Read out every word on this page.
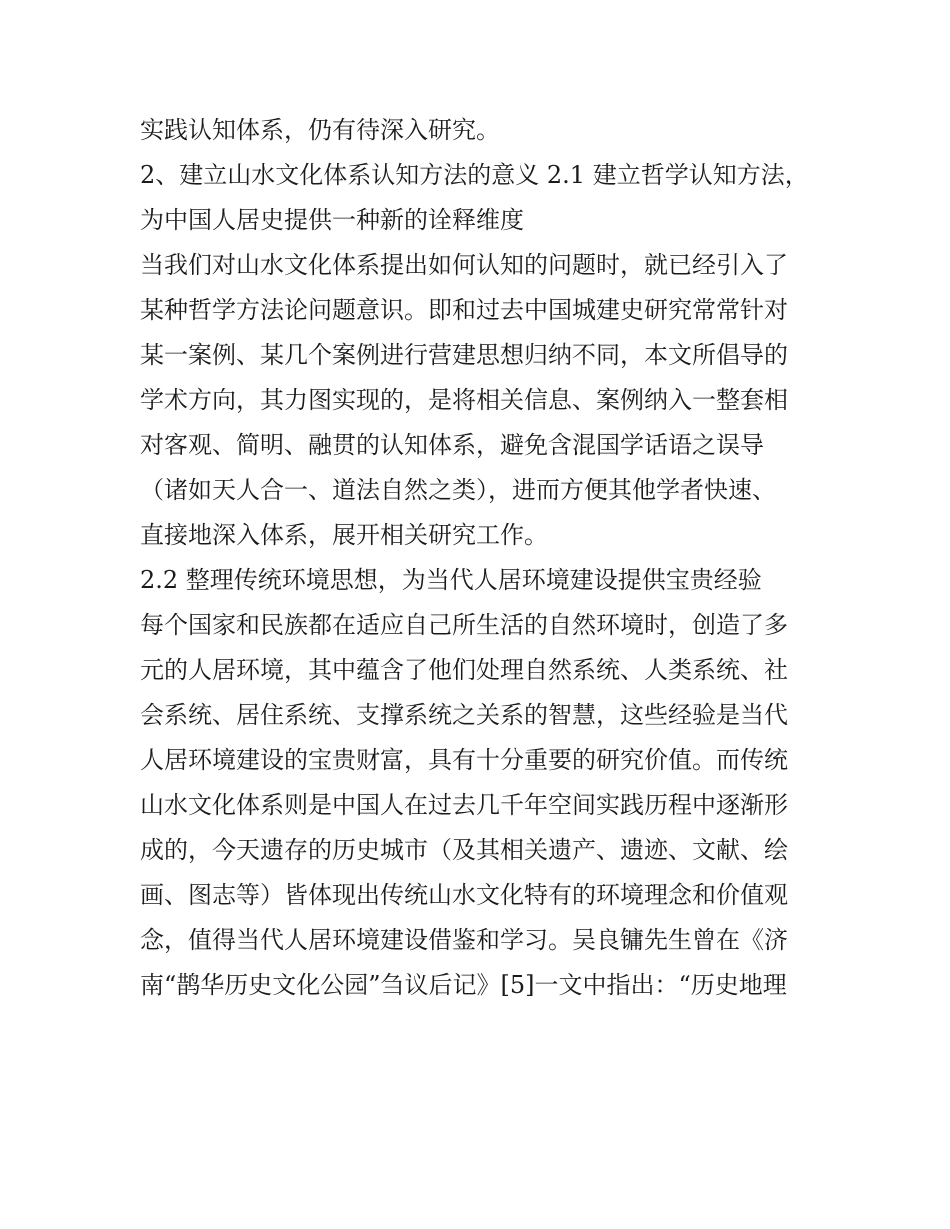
实践认知体系，仍有待深入研究。
2、建立山水文化体系认知方法的意义 2.1 建立哲学认知方法，
为中国人居史提供一种新的诠释维度
当我们对山水文化体系提出如何认知的问题时，就已经引入了
某种哲学方法论问题意识。即和过去中国城建史研究常常针对
某一案例、某几个案例进行营建思想归纳不同，本文所倡导的
学术方向，其力图实现的，是将相关信息、案例纳入一整套相
对客观、简明、融贯的认知体系，避免含混国学话语之误导
（诸如天人合一、道法自然之类），进而方便其他学者快速、
直接地深入体系，展开相关研究工作。
2.2 整理传统环境思想，为当代人居环境建设提供宝贵经验
每个国家和民族都在适应自己所生活的自然环境时，创造了多
元的人居环境，其中蕴含了他们处理自然系统、人类系统、社
会系统、居住系统、支撑系统之关系的智慧，这些经验是当代
人居环境建设的宝贵财富，具有十分重要的研究价值。而传统
山水文化体系则是中国人在过去几千年空间实践历程中逐渐形
成的，今天遗存的历史城市（及其相关遗产、遗迹、文献、绘
画、图志等）皆体现出传统山水文化特有的环境理念和价值观
念，值得当代人居环境建设借鉴和学习。吴良镛先生曾在《济
南“鹊华历史文化公园”刍议后记》[5]一文中指出：“历史地理
